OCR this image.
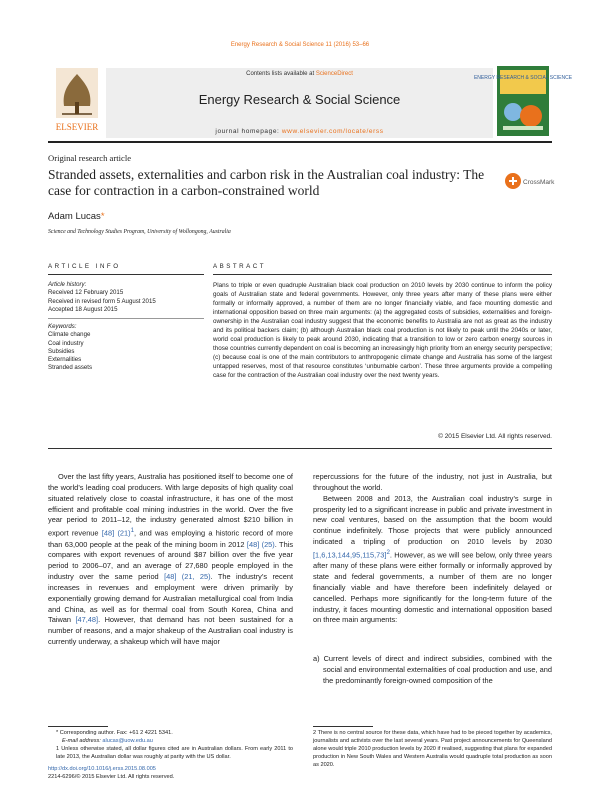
Energy Research & Social Science 11 (2016) 53–66
ELSEVIER
Contents lists available at ScienceDirect
Energy Research & Social Science
journal homepage: www.elsevier.com/locate/erss
ENERGY RESEARCH & SOCIAL SCIENCE
Original research article
Stranded assets, externalities and carbon risk in the Australian coal industry: The case for contraction in a carbon-constrained world
CrossMark
Adam Lucas*
Science and Technology Studies Program, University of Wollongong, Australia
ARTICLE INFO
Article history:
Received 12 February 2015
Received in revised form 5 August 2015
Accepted 18 August 2015
Keywords:
Climate change
Coal industry
Subsidies
Externalities
Stranded assets
ABSTRACT
Plans to triple or even quadruple Australian black coal production on 2010 levels by 2030 continue to inform the policy goals of Australian state and federal governments. However, only three years after many of these plans were either formally or informally approved, a number of them are no longer financially viable, and face mounting domestic and international opposition based on three main arguments: (a) the aggregated costs of subsidies, externalities and foreign-ownership in the Australian coal industry suggest that the economic benefits to Australia are not as great as the industry and its political backers claim; (b) although Australian black coal production is not likely to peak until the 2040s or later, world coal production is likely to peak around 2030, indicating that a transition to low or zero carbon energy sources in those countries currently dependent on coal is becoming an increasingly high priority from an energy security perspective; (c) because coal is one of the main contributors to anthropogenic climate change and Australia has some of the largest untapped reserves, most of that resource constitutes ‘unburnable carbon’. These three arguments provide a compelling case for the contraction of the Australian coal industry over the next twenty years.
© 2015 Elsevier Ltd. All rights reserved.

Over the last fifty years, Australia has positioned itself to become one of the world’s leading coal producers. With large deposits of high quality coal situated relatively close to coastal infrastructure, it has one of the most efficient and profitable coal mining industries in the world. Over the five year period to 2011–12, the industry generated almost $210 billion in export revenue [48] (21)$^1$, and was employing a historic record of more than 63,000 people at the peak of the mining boom in 2012 [48] (25). This compares with export revenues of around $87 billion over the five year period to 2006–07, and an average of 27,680 people employed in the industry over the same period [48] (21, 25). The industry’s recent increases in revenues and employment were driven primarily by exponentially growing demand for Australian metallurgical coal from India and China, as well as for thermal coal from South Korea, China and Taiwan [47,48]. However, that demand has not been sustained for a number of reasons, and a major shakeup of the Australian coal industry is currently underway, a shakeup which will have major

repercussions for the future of the industry, not just in Australia, but throughout the world.

Between 2008 and 2013, the Australian coal industry’s surge in prosperity led to a significant increase in public and private investment in new coal ventures, based on the assumption that the boom would continue indefinitely. Those projects that were publicly announced indicated a tripling of production on 2010 levels by 2030 [1,6,13,144,95,115,73]$^2$. However, as we will see below, only three years after many of these plans were either formally or informally approved by state and federal governments, a number of them are no longer financially viable and have therefore been indefinitely delayed or cancelled. Perhaps more significantly for the long-term future of the industry, it faces mounting domestic and international opposition based on three main arguments:

a) Current levels of direct and indirect subsidies, combined with the social and environmental externalities of coal production and use, and the predominantly foreign-owned composition of the
* Corresponding author. Fax: +61 2 4221 5341.
E-mail address: alucas@uow.edu.au
1 Unless otherwise stated, all dollar figures cited are in Australian dollars. From early 2011 to late 2013, the Australian dollar was roughly at parity with the US dollar.
http://dx.doi.org/10.1016/j.erss.2015.08.005
2214-6296/© 2015 Elsevier Ltd. All rights reserved.
2 There is no central source for these data, which have had to be pieced together by academics, journalists and activists over the last several years. Past project announcements for Queensland alone would triple 2010 production levels by 2020 if realised, suggesting that plans for expanded production in New South Wales and Western Australia would quadruple total production as soon as 2020.
